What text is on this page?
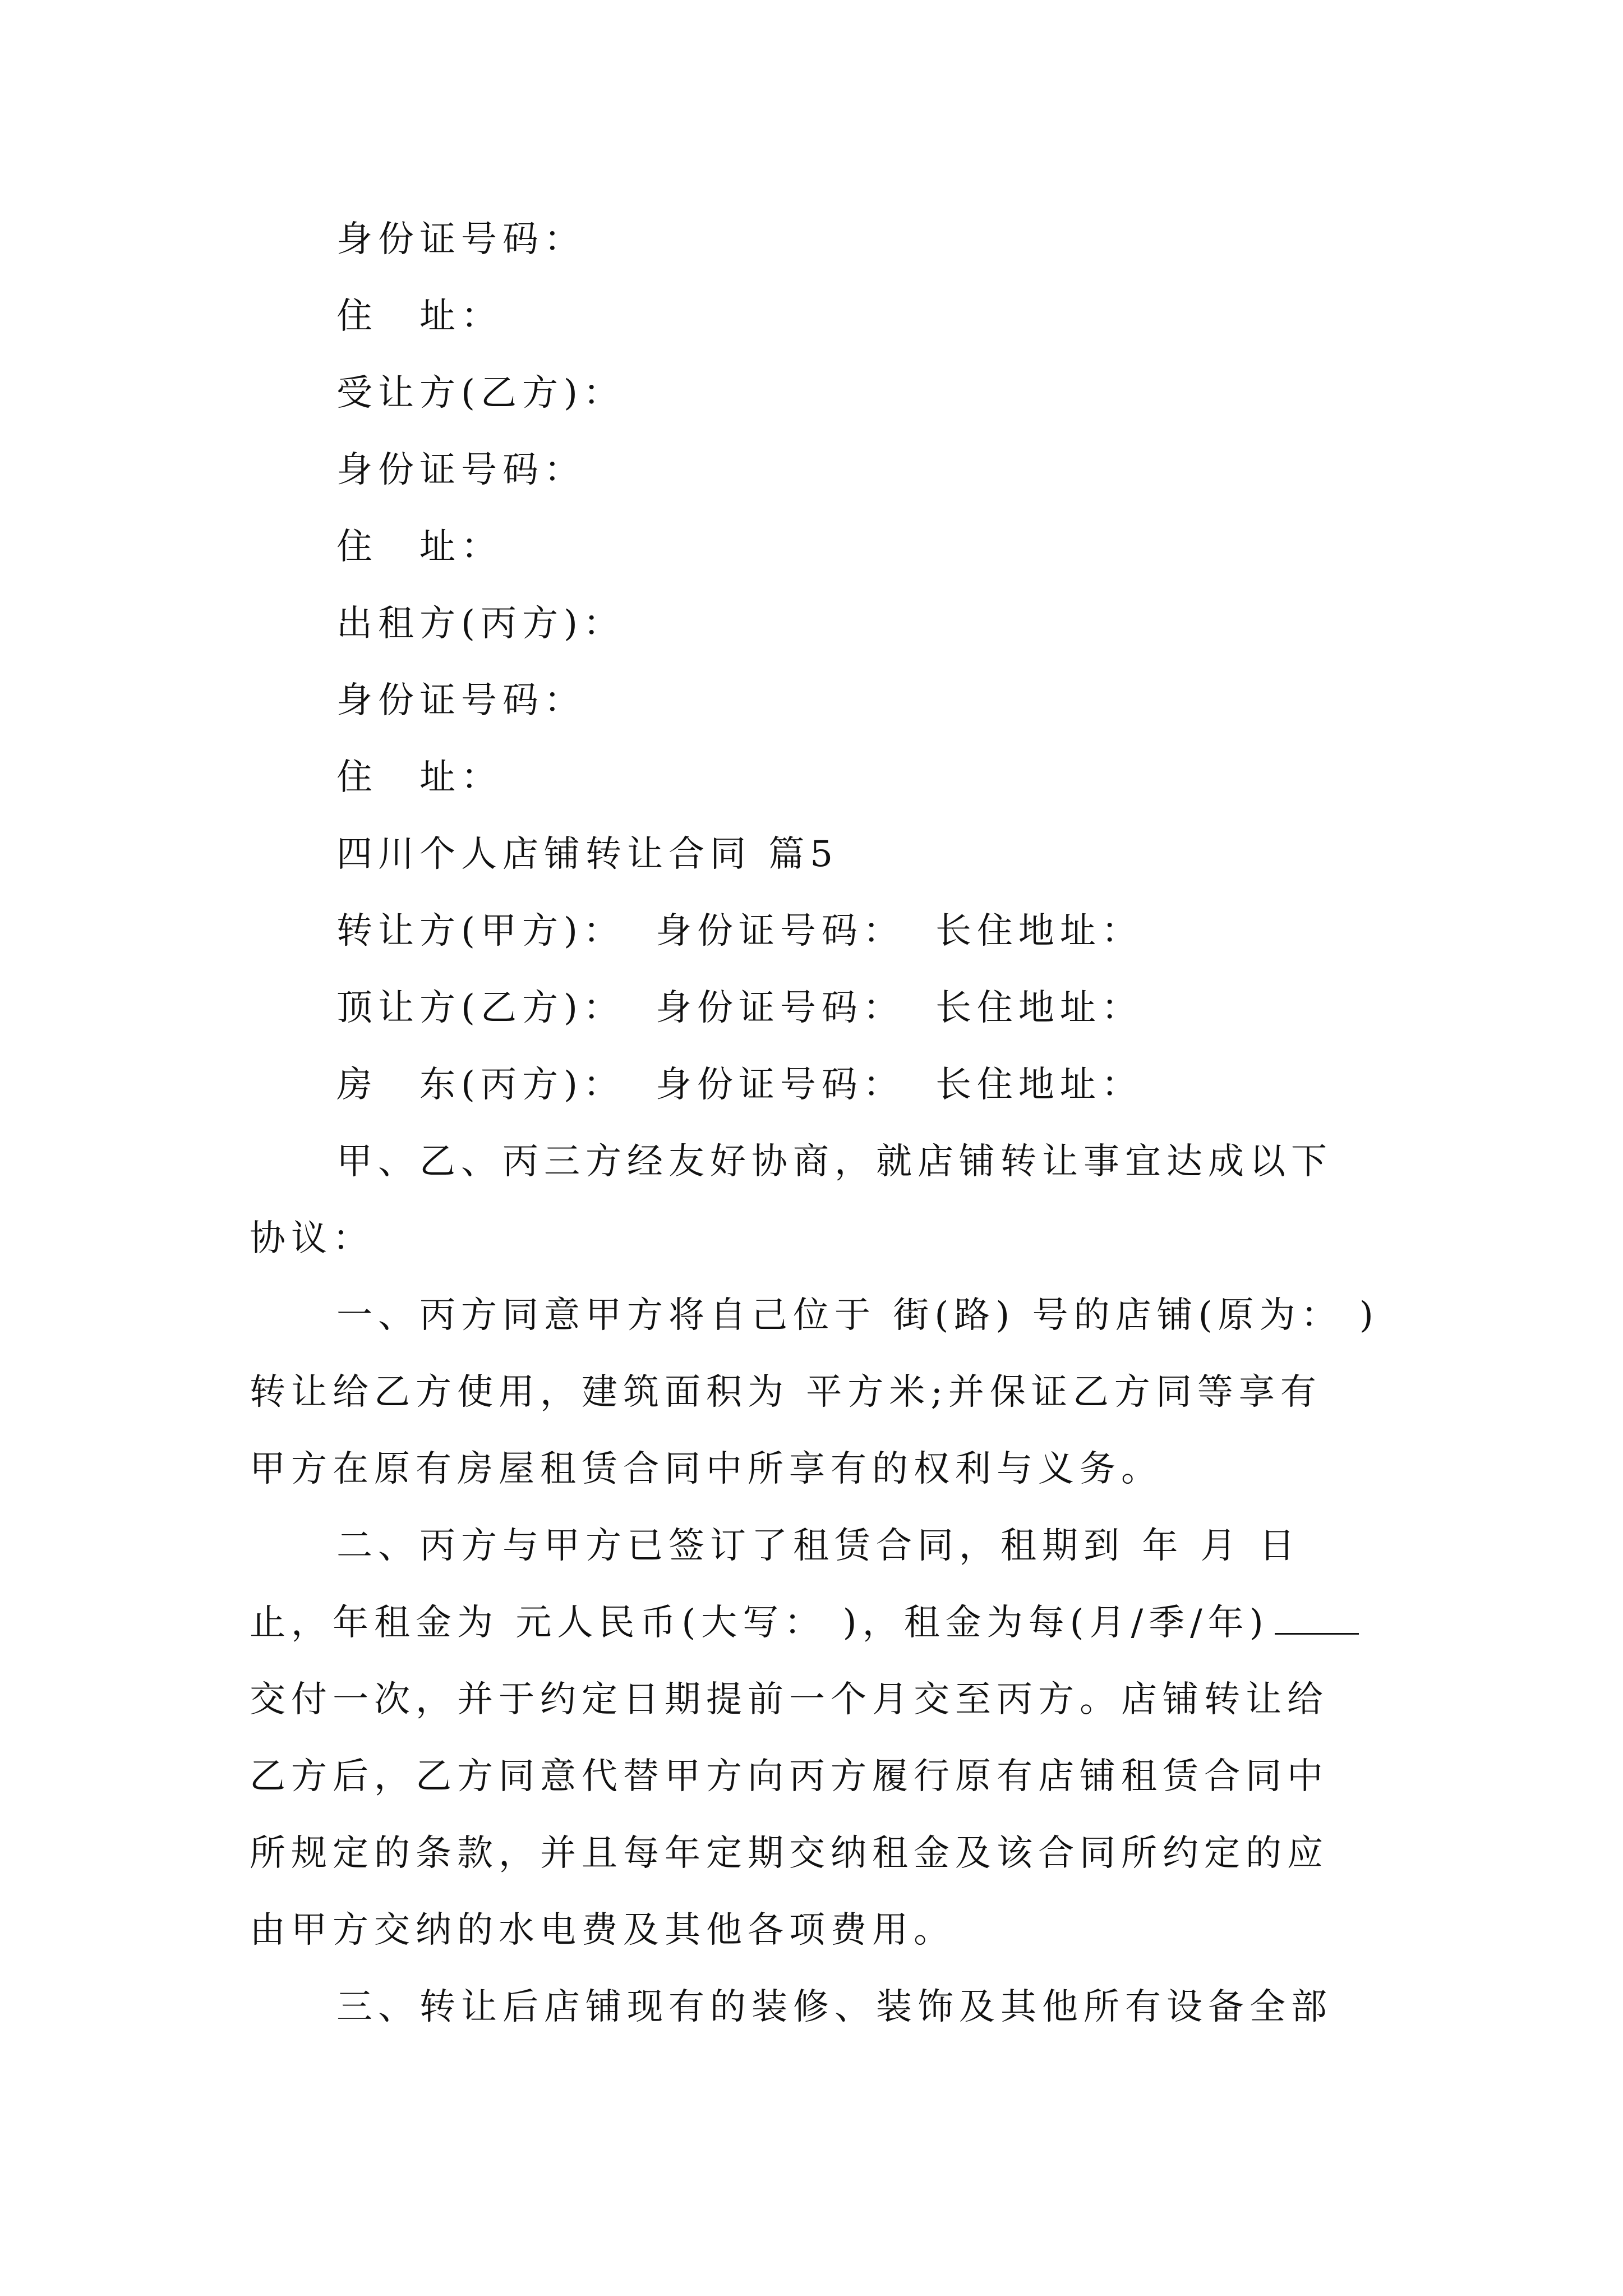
身份证号码：
住　址：
受让方(乙方)：
身份证号码：
住　址：
出租方(丙方)：
身份证号码：
住　址：
四川个人店铺转让合同 篇5
转让方(甲方)： 身份证号码： 长住地址：
顶让方(乙方)： 身份证号码： 长住地址：
房　东(丙方)： 身份证号码： 长住地址：
甲、乙、丙三方经友好协商，就店铺转让事宜达成以下
协议：
一、丙方同意甲方将自己位于 街(路) 号的店铺(原为： )
转让给乙方使用，建筑面积为 平方米;并保证乙方同等享有
甲方在原有房屋租赁合同中所享有的权利与义务。
二、丙方与甲方已签订了租赁合同，租期到 年 月 日
止，年租金为 元人民币(大写： )，租金为每(月/季/年)
交付一次，并于约定日期提前一个月交至丙方。店铺转让给
乙方后，乙方同意代替甲方向丙方履行原有店铺租赁合同中
所规定的条款，并且每年定期交纳租金及该合同所约定的应
由甲方交纳的水电费及其他各项费用。
三、转让后店铺现有的装修、装饰及其他所有设备全部
